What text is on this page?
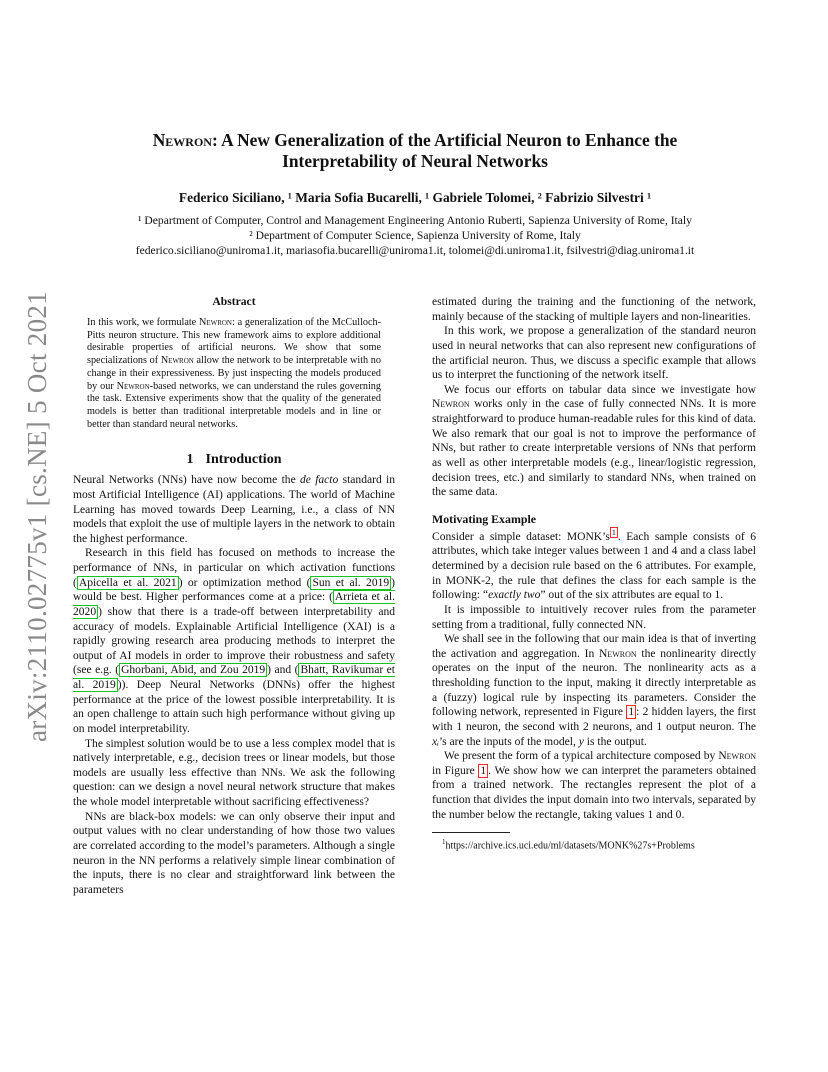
arXiv:2110.02775v1 [cs.NE] 5 Oct 2021
Newron: A New Generalization of the Artificial Neuron to Enhance the
Interpretability of Neural Networks
Federico Siciliano, ¹ Maria Sofia Bucarelli, ¹ Gabriele Tolomei, ² Fabrizio Silvestri ¹
¹ Department of Computer, Control and Management Engineering Antonio Ruberti, Sapienza University of Rome, Italy
² Department of Computer Science, Sapienza University of Rome, Italy
federico.siciliano@uniroma1.it, mariasofia.bucarelli@uniroma1.it, tolomei@di.uniroma1.it, fsilvestri@diag.uniroma1.it
Abstract
In this work, we formulate Newron: a generalization of the McCulloch-Pitts neuron structure. This new framework aims to explore additional desirable properties of artificial neurons. We show that some specializations of Newron allow the network to be interpretable with no change in their expressiveness. By just inspecting the models produced by our Newron-based networks, we can understand the rules governing the task. Extensive experiments show that the quality of the generated models is better than traditional interpretable models and in line or better than standard neural networks.
1 Introduction

Neural Networks (NNs) have now become the de facto standard in most Artificial Intelligence (AI) applications. The world of Machine Learning has moved towards Deep Learning, i.e., a class of NN models that exploit the use of multiple layers in the network to obtain the highest performance.

Research in this field has focused on methods to increase the performance of NNs, in particular on which activation functions ( Apicella et al. 2021 ) or optimization method ( Sun et al. 2019 ) would be best. Higher performances come at a price: ( Arrieta et al. 2020 ) show that there is a trade-off between interpretability and accuracy of models. Explainable Artificial Intelligence (XAI) is a rapidly growing research area producing methods to interpret the output of AI models in order to improve their robustness and safety (see e.g. ( Ghorbani, Abid, and Zou 2019 ) and ( Bhatt, Ravikumar et al. 2019 )). Deep Neural Networks (DNNs) offer the highest performance at the price of the lowest possible interpretability. It is an open challenge to attain such high performance without giving up on model interpretability.

The simplest solution would be to use a less complex model that is natively interpretable, e.g., decision trees or linear models, but those models are usually less effective than NNs. We ask the following question: can we design a novel neural network structure that makes the whole model interpretable without sacrificing effectiveness?

NNs are black-box models: we can only observe their input and output values with no clear understanding of how those two values are correlated according to the model’s parameters. Although a single neuron in the NN performs a relatively simple linear combination of the inputs, there is no clear and straightforward link between the parameters

estimated during the training and the functioning of the network, mainly because of the stacking of multiple layers and non-linearities.

In this work, we propose a generalization of the standard neuron used in neural networks that can also represent new configurations of the artificial neuron. Thus, we discuss a specific example that allows us to interpret the functioning of the network itself.

We focus our efforts on tabular data since we investigate how Newron works only in the case of fully connected NNs. It is more straightforward to produce human-readable rules for this kind of data. We also remark that our goal is not to improve the performance of NNs, but rather to create interpretable versions of NNs that perform as well as other interpretable models (e.g., linear/logistic regression, decision trees, etc.) and similarly to standard NNs, when trained on the same data.

Motivating Example

Consider a simple dataset: MONK’s $^1$ . Each sample consists of 6 attributes, which take integer values between 1 and 4 and a class label determined by a decision rule based on the 6 attributes. For example, in MONK-2, the rule that defines the class for each sample is the following: “exactly two” out of the six attributes are equal to 1.

It is impossible to intuitively recover rules from the parameter setting from a traditional, fully connected NN.

We shall see in the following that our main idea is that of inverting the activation and aggregation. In Newron the nonlinearity directly operates on the input of the neuron. The nonlinearity acts as a thresholding function to the input, making it directly interpretable as a (fuzzy) logical rule by inspecting its parameters. Consider the following network, represented in Figure 1 : 2 hidden layers, the first with 1 neuron, the second with 2 neurons, and 1 output neuron. The xᵢ’s are the inputs of the model, y is the output.

We present the form of a typical architecture composed by Newron in Figure 1 . We show how we can interpret the parameters obtained from a trained network. The rectangles represent the plot of a function that divides the input domain into two intervals, separated by the number below the rectangle, taking values 1 and 0.

$^1$https://archive.ics.uci.edu/ml/datasets/MONK%27s+Problems
